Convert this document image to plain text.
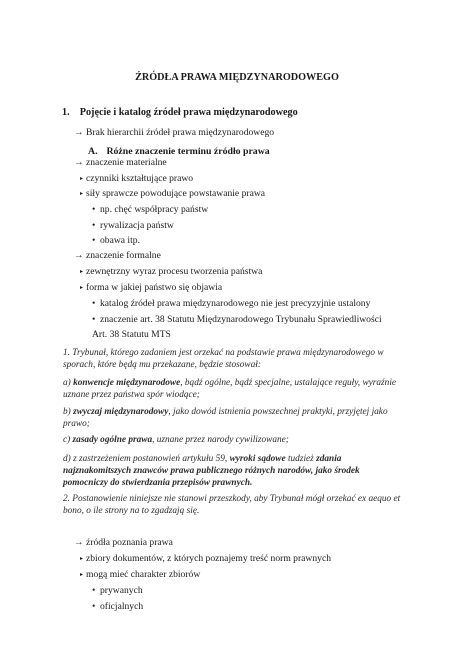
ŹRÓDŁA PRAWA MIĘDZYNARODOWEGO
1. Pojęcie i katalog źródeł prawa międzynarodowego
→ Brak hierarchii źródeł prawa międzynarodowego
A. Różne znaczenie terminu źródło prawa
→ znaczenie materialne
▸ czynniki kształtujące prawo
▸ siły sprawcze powodujące powstawanie prawa
• np. chęć współpracy państw
• rywalizacja państw
• obawa itp.
→ znaczenie formalne
▸ zewnętrzny wyraz procesu tworzenia państwa
▸ forma w jakiej państwo się objawia
• katalog źródeł prawa międzynarodowego nie jest precyzyjnie ustalony
• znaczenie art. 38 Statutu Międzynarodowego Trybunału Sprawiedliwości
Art. 38 Statutu MTS
1. Trybunał, którego zadaniem jest orzekać na podstawie prawa międzynarodowego w
sporach, które będą mu przekazane, będzie stosował:
a) konwencje międzynarodowe, bądź ogólne, bądź specjalne, ustalające reguły, wyraźnie
uznane przez państwa spór wiodące;
b) zwyczaj międzynarodowy, jako dowód istnienia powszechnej praktyki, przyjętej jako
prawo;
c) zasady ogólne prawa, uznane przez narody cywilizowane;
d) z zastrzeżeniem postanowień artykułu 59, wyroki sądowe tudzież zdania
najznakomitszych znawców prawa publicznego różnych narodów, jako środek
pomocniczy do stwierdzania przepisów prawnych.
2. Postanowienie niniejsze nie stanowi przeszkody, aby Trybunał mógł orzekać ex aequo et
bono, o ile strony na to zgadzają się.
→ źródła poznania prawa
▸ zbiory dokumentów, z których poznajemy treść norm prawnych
▸ mogą mieć charakter zbiorów
• prywanych
• oficjalnych
